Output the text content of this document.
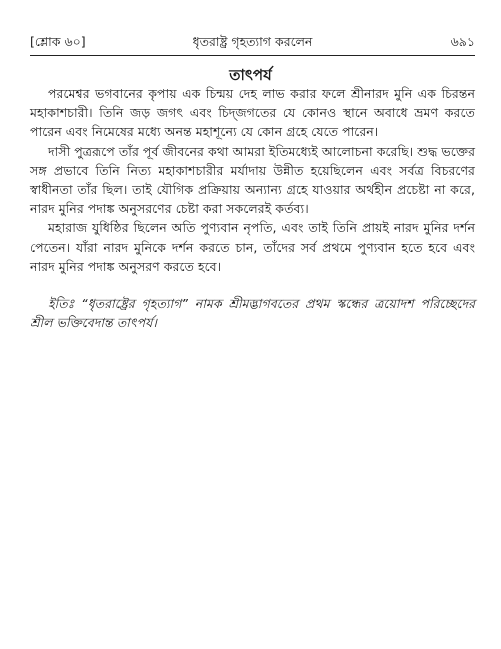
[শ্লোক ৬০]	ধৃতরাষ্ট্র গৃহত্যাগ করলেন	৬৯১
তাৎপর্য

পরমেশ্বর ভগবানের কৃপায় এক চিন্ময় দেহ লাভ করার ফলে শ্রীনারদ মুনি এক চিরন্তন মহাকাশচারী। তিনি জড় জগৎ এবং চিদ্‌জগতের যে কোনও স্থানে অবাধে ভ্রমণ করতে পারেন এবং নিমেষের মধ্যে অনন্ত মহাশূন্যে যে কোন গ্রহে যেতে পারেন।

দাসী পুত্ররূপে তাঁর পূর্ব জীবনের কথা আমরা ইতিমধ্যেই আলোচনা করেছি। শুদ্ধ ভক্তের সঙ্গ প্রভাবে তিনি নিত্য মহাকাশচারীর মর্যাদায় উন্নীত হয়েছিলেন এবং সর্বত্র বিচরণের স্বাধীনতা তাঁর ছিল। তাই যৌগিক প্রক্রিয়ায় অন্যান্য গ্রহে যাওয়ার অর্থহীন প্রচেষ্টা না করে, নারদ মুনির পদাঙ্ক অনুসরণের চেষ্টা করা সকলেরই কর্তব্য।

মহারাজ যুধিষ্ঠির ছিলেন অতি পুণ্যবান নৃপতি, এবং তাই তিনি প্রায়ই নারদ মুনির দর্শন পেতেন। যাঁরা নারদ মুনিকে দর্শন করতে চান, তাঁদের সর্ব প্রথমে পুণ্যবান হতে হবে এবং নারদ মুনির পদাঙ্ক অনুসরণ করতে হবে।

ইতিঃ “ধৃতরাষ্ট্রের গৃহত্যাগ” নামক শ্রীমদ্ভাগবতের প্রথম স্কন্ধের ত্রয়োদশ পরিচ্ছেদের শ্রীল ভক্তিবেদান্ত তাৎপর্য।
